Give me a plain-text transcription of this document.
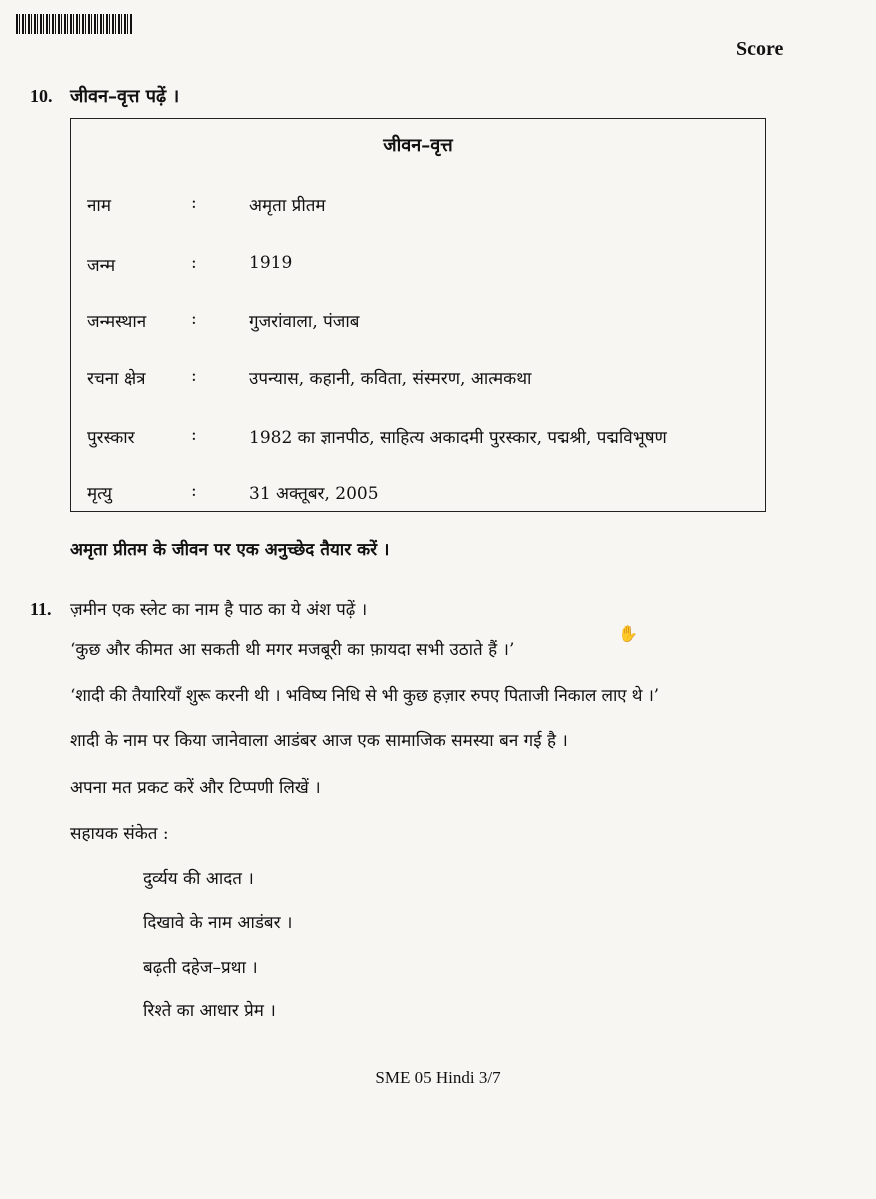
Score
10. जीवन–वृत्त पढ़ें ।
जीवन–वृत्त
नाम	:	अमृता प्रीतम
जन्म	:	1919
जन्मस्थान	:	गुजरांवाला, पंजाब
रचना क्षेत्र	:	उपन्यास, कहानी, कविता, संस्मरण, आत्मकथा
पुरस्कार	:	1982 का ज्ञानपीठ, साहित्य अकादमी पुरस्कार, पद्मश्री, पद्मविभूषण
मृत्यु	:	31 अक्तूबर, 2005
अमृता प्रीतम के जीवन पर एक अनुच्छेद तैयार करें ।
11. ज़मीन एक स्लेट का नाम है पाठ का ये अंश पढ़ें ।
‘कुछ और कीमत आ सकती थी मगर मजबूरी का फ़ायदा सभी उठाते हैं ।’
✋
‘शादी की तैयारियाँ शुरू करनी थी । भविष्य निधि से भी कुछ हज़ार रुपए पिताजी निकाल लाए थे ।’
शादी के नाम पर किया जानेवाला आडंबर आज एक सामाजिक समस्या बन गई है ।
अपना मत प्रकट करें और टिप्पणी लिखें ।
सहायक संकेत :
दुर्व्यय की आदत ।
दिखावे के नाम आडंबर ।
बढ़ती दहेज–प्रथा ।
रिश्ते का आधार प्रेम ।
SME 05 Hindi 3/7
